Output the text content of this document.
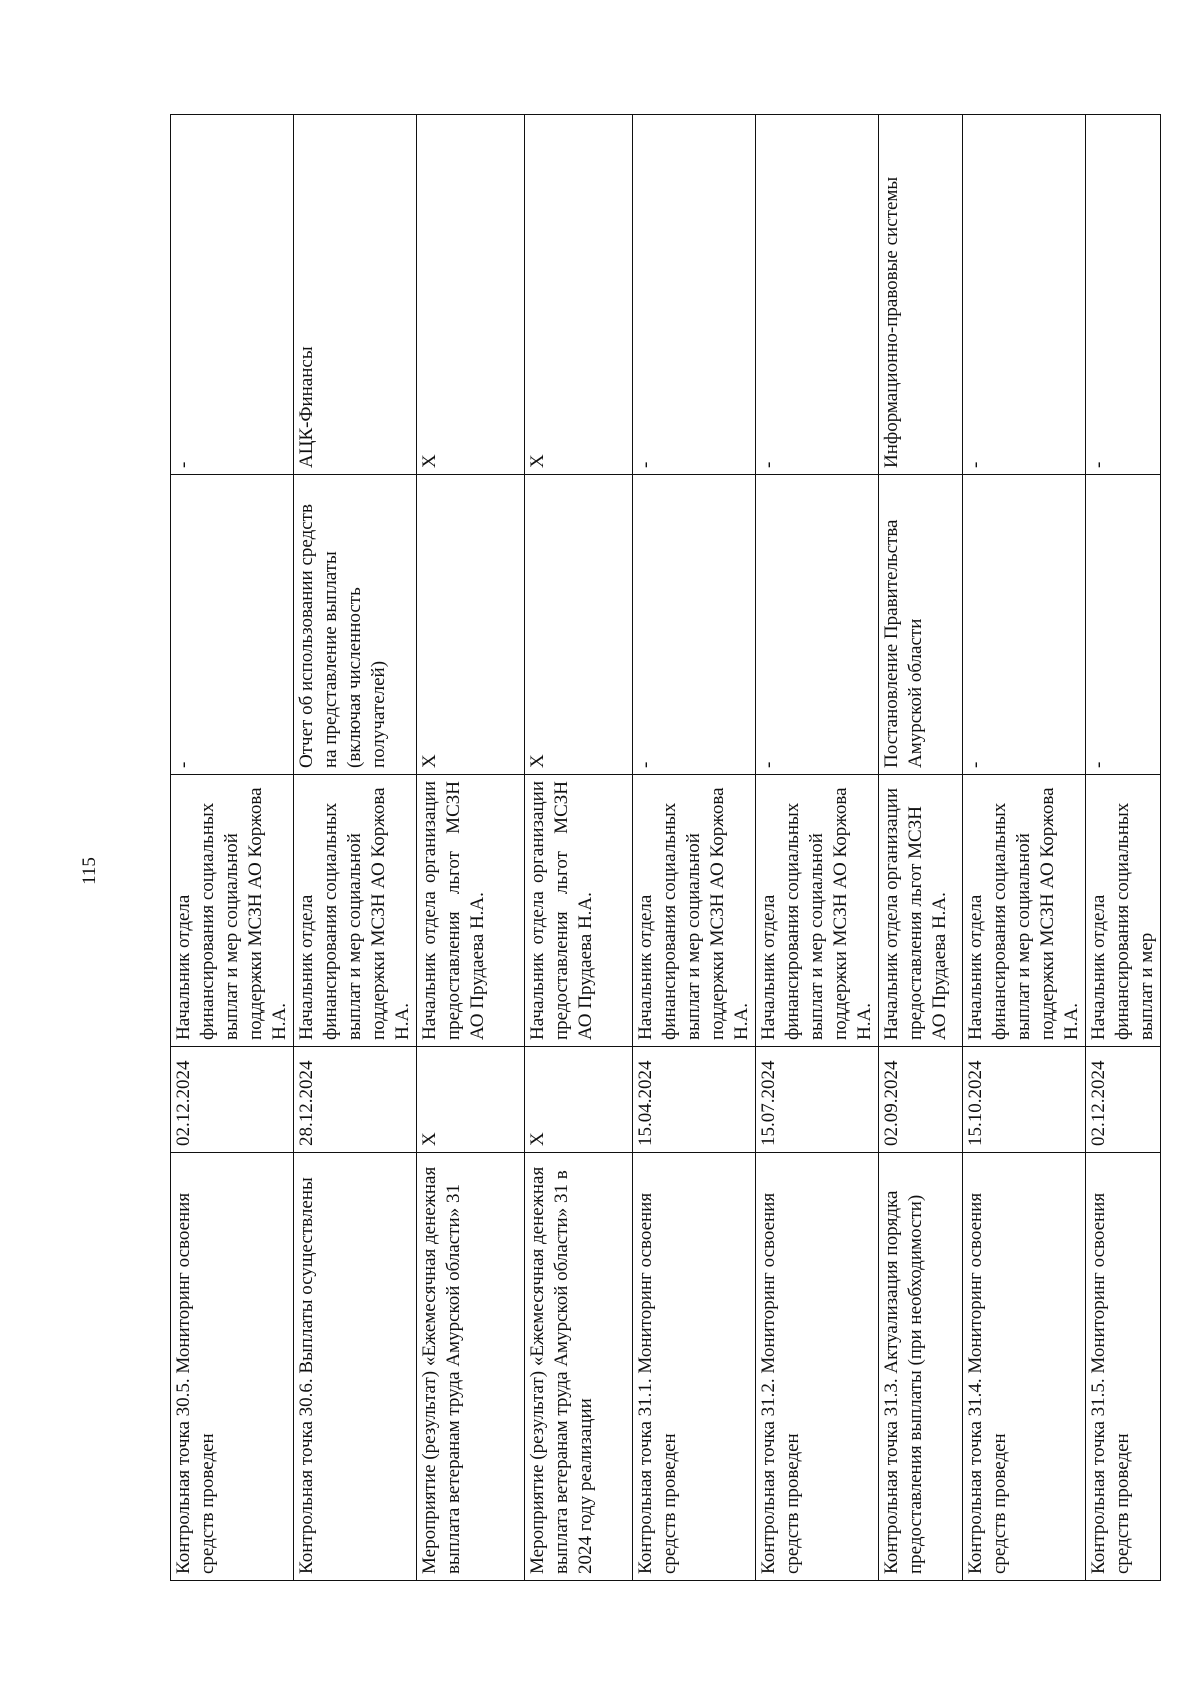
115
Контрольная точка 30.5. Мониторинг освоения средств проведен	02.12.2024	Начальник отдела финансирования социальных выплат и мер социальной поддержки МСЗН АО Коржова Н.А.	-	-
Контрольная точка 30.6. Выплаты осуществлены	28.12.2024	Начальник отдела финансирования социальных выплат и мер социальной поддержки МСЗН АО Коржова Н.А.	Отчет об использовании средств на представление выплаты (включая численность получателей)	АЦК-Финансы
Мероприятие (результат) «Ежемесячная денежная выплата ветеранам труда Амурской области» 31	X	Начальник отдела организации предоставления льгот МСЗН АО Прудаева Н.А.	X	X
Мероприятие (результат) «Ежемесячная денежная выплата ветеранам труда Амурской области» 31 в 2024 году реализации	X	Начальник отдела организации предоставления льгот МСЗН АО Прудаева Н.А.	X	X
Контрольная точка 31.1. Мониторинг освоения средств проведен	15.04.2024	Начальник отдела финансирования социальных выплат и мер социальной поддержки МСЗН АО Коржова Н.А.	-	-
Контрольная точка 31.2. Мониторинг освоения средств проведен	15.07.2024	Начальник отдела финансирования социальных выплат и мер социальной поддержки МСЗН АО Коржова Н.А.	-	-
Контрольная точка 31.3. Актуализация порядка предоставления выплаты (при необходимости)	02.09.2024	Начальник отдела организации предоставления льгот МСЗН АО Прудаева Н.А.	Постановление Правительства Амурской области	Информационно-правовые системы
Контрольная точка 31.4. Мониторинг освоения средств проведен	15.10.2024	Начальник отдела финансирования социальных выплат и мер социальной поддержки МСЗН АО Коржова Н.А.	-	-
Контрольная точка 31.5. Мониторинг освоения средств проведен	02.12.2024	Начальник отдела финансирования социальных выплат и мер	-	-
